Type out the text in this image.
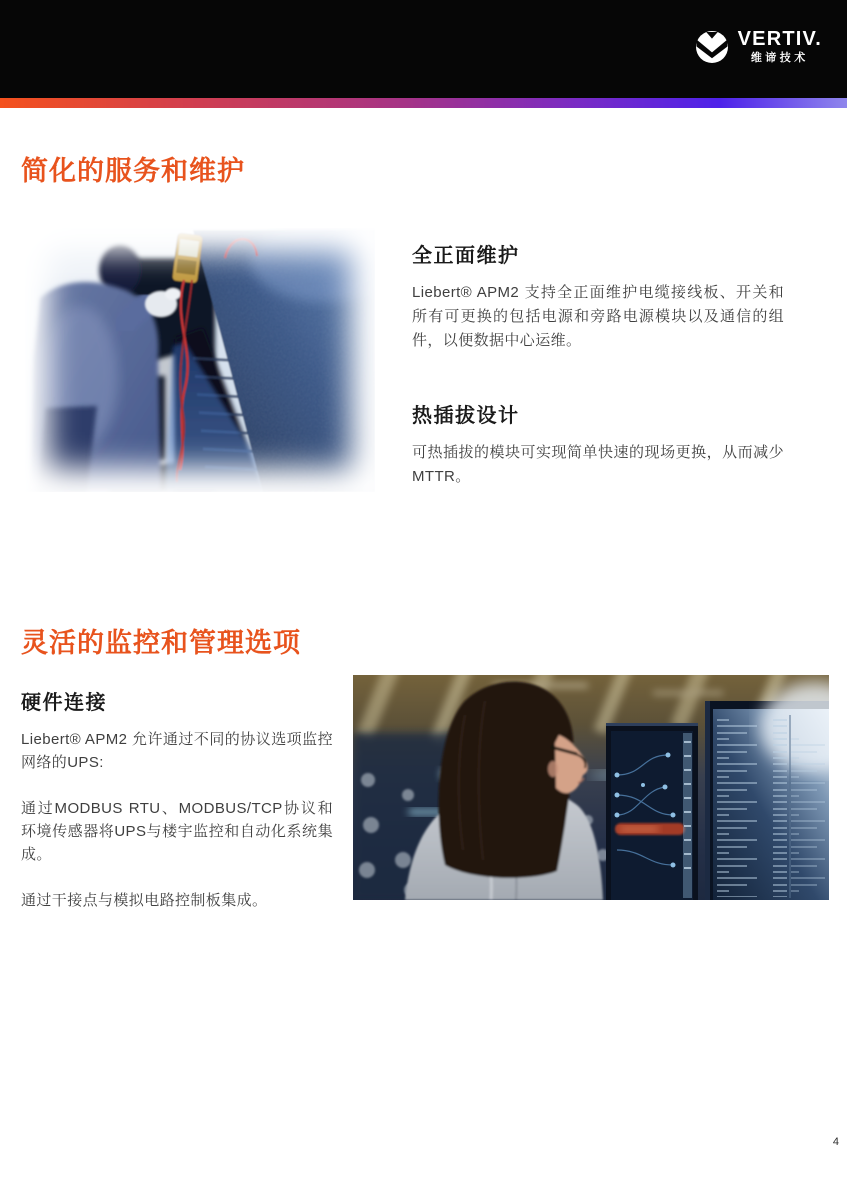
VERTIV.
维谛技术
简化的服务和维护
全正面维护

Liebert® APM2 支持全正面维护电缆接线板、开关和所有可更换的包括电源和旁路电源模块以及通信的组件，以便数据中心运维。

热插拔设计

可热插拔的模块可实现简单快速的现场更换，从而减少MTTR。

灵活的监控和管理选项
硬件连接

Liebert® APM2 允许通过不同的协议选项监控网络的UPS:

通过MODBUS RTU、MODBUS/TCP协议和环境传感器将UPS与楼宇监控和自动化系统集成。

通过干接点与模拟电路控制板集成。

4
